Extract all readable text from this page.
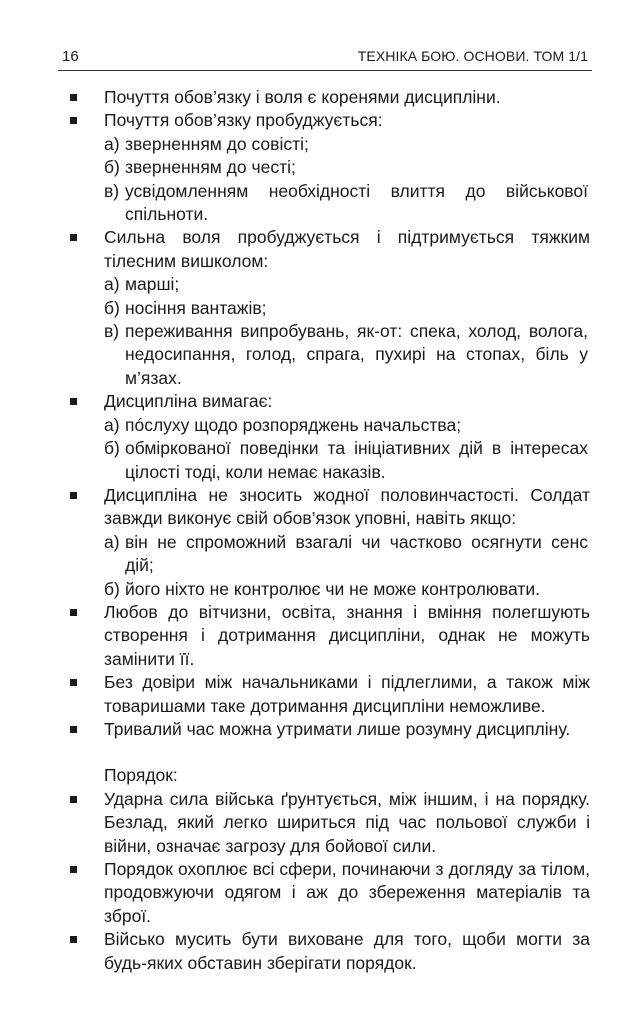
16	ТЕХНІКА БОЮ. ОСНОВИ. ТОМ 1/1
Почуття обов’язку і воля є коренями дисципліни.
Почуття обов’язку пробуджується:
а) зверненням до совісті;
б) зверненням до честі;
в) усвідомленням необхідності влиття до військової спільноти.
Сильна воля пробуджується і підтримується тяжким тілесним вишколом:
а) марші;
б) носіння вантажів;
в) переживання випробувань, як-от: спека, холод, волога, недосипання, голод, спрага, пухирі на стопах, біль у м’язах.
Дисципліна вимагає:
а) пóслуху щодо розпоряджень начальства;
б) обміркованої поведінки та ініціативних дій в інтересах цілості тоді, коли немає наказів.
Дисципліна не зносить жодної половинчастості. Солдат завжди виконує свій обов’язок уповні, навіть якщо:
а) він не спроможний взагалі чи частково осягнути сенс дій;
б) його ніхто не контролює чи не може контролювати.
Любов до вітчизни, освіта, знання і вміння полегшують створення і дотримання дисципліни, однак не можуть замінити її.
Без довіри між начальниками і підлеглими, а також між товаришами таке дотримання дисципліни неможливе.
Тривалий час можна утримати лише розумну дисципліну.
Порядок:
Ударна сила війська ґрунтується, між іншим, і на порядку. Безлад, який легко шириться під час польової служби і війни, означає загрозу для бойової сили.
Порядок охоплює всі сфери, починаючи з догляду за тілом, продовжуючи одягом і аж до збереження матеріалів та зброї.
Військо мусить бути виховане для того, щоби могти за будь-яких обставин зберігати порядок.
